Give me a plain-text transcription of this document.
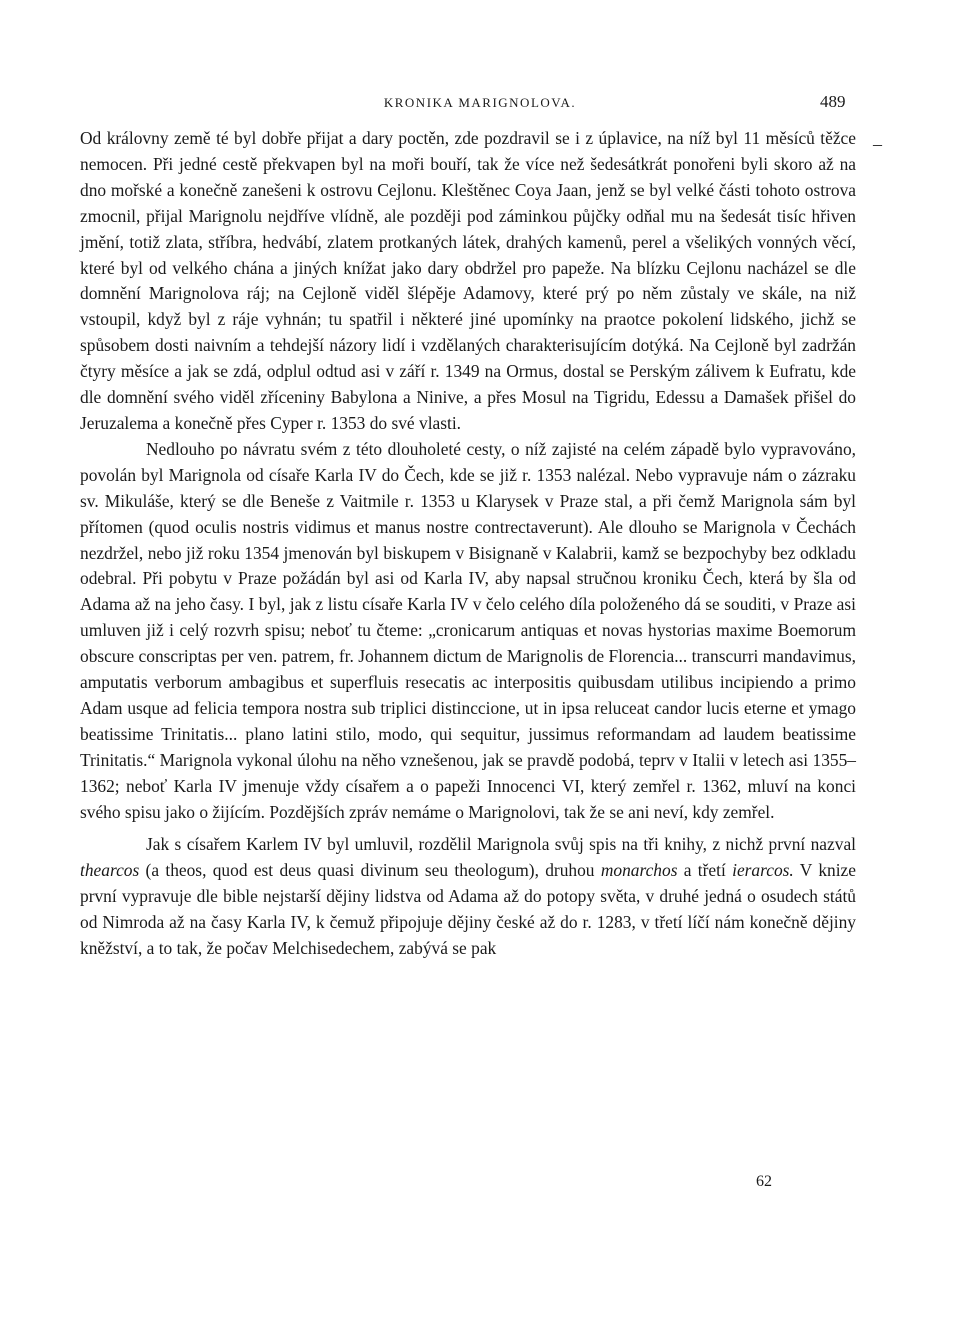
KRONIKA MARIGNOLOVA.	489
–

Od královny země té byl dobře přijat a dary poctěn, zde pozdravil se i z úplavice, na níž byl 11 měsíců těžce nemocen. Při jedné cestě překvapen byl na moři bouří, tak že více než šedesátkrát ponořeni byli skoro až na dno mořské a konečně zanešeni k ostrovu Cejlonu. Kleštěnec Coya Jaan, jenž se byl velké části tohoto ostrova zmocnil, přijal Marignolu nejdříve vlídně, ale později pod záminkou půjčky odňal mu na šedesát tisíc hřiven jmění, totiž zlata, stříbra, hedvábí, zlatem protkaných látek, drahých kamenů, perel a všelikých vonných věcí, které byl od velkého chána a jiných knížat jako dary obdržel pro papeže. Na blízku Cejlonu nacházel se dle domnění Marignolova ráj; na Cejloně viděl šlépěje Adamovy, které prý po něm zůstaly ve skále, na niž vstoupil, když byl z ráje vyhnán; tu spatřil i některé jiné upomínky na praotce pokolení lidského, jichž se spůsobem dosti naivním a tehdejší názory lidí i vzdělaných charakterisujícím dotýká. Na Cejloně byl zadržán čtyry měsíce a jak se zdá, odplul odtud asi v září r. 1349 na Ormus, dostal se Perským zálivem k Eufratu, kde dle domnění svého viděl zříceniny Babylona a Ninive, a přes Mosul na Tigridu, Edessu a Damašek přišel do Jeruzalema a konečně přes Cyper r. 1353 do své vlasti.

Nedlouho po návratu svém z této dlouholeté cesty, o níž zajisté na celém západě bylo vypravováno, povolán byl Marignola od císaře Karla IV do Čech, kde se již r. 1353 nalézal. Nebo vypravuje nám o zázraku sv. Mikuláše, který se dle Beneše z Vaitmile r. 1353 u Klarysek v Praze stal, a při čemž Marignola sám byl přítomen (quod oculis nostris vidimus et manus nostre contrectaverunt). Ale dlouho se Marignola v Čechách nezdržel, nebo již roku 1354 jmenován byl biskupem v Bisignaně v Kalabrii, kamž se bezpochyby bez odkladu odebral. Při pobytu v Praze požádán byl asi od Karla IV, aby napsal stručnou kroniku Čech, která by šla od Adama až na jeho časy. I byl, jak z listu císaře Karla IV v čelo celého díla položeného dá se souditi, v Praze asi umluven již i celý rozvrh spisu; neboť tu čteme: „cronicarum antiquas et novas hystorias maxime Boemorum obscure conscriptas per ven. patrem, fr. Johannem dictum de Marignolis de Florencia... transcurri mandavimus, amputatis verborum ambagibus et superfluis resecatis ac interpositis quibusdam utilibus incipiendo a primo Adam usque ad felicia tempora nostra sub triplici distinccione, ut in ipsa reluceat candor lucis eterne et ymago beatissime Trinitatis... plano latini stilo, modo, qui sequitur, jussimus reformandam ad laudem beatissime Trinitatis.“ Marignola vykonal úlohu na něho vznešenou, jak se pravdě podobá, teprv v Italii v letech asi 1355–1362; neboť Karla IV jmenuje vždy císařem a o papeži Innocenci VI, který zemřel r. 1362, mluví na konci svého spisu jako o žijícím. Pozdějších zpráv nemáme o Marignolovi, tak že se ani neví, kdy zemřel.

Jak s císařem Karlem IV byl umluvil, rozdělil Marignola svůj spis na tři knihy, z nichž první nazval thearcos (a theos, quod est deus quasi divinum seu theologum), druhou monarchos a třetí ierarcos. V knize první vypravuje dle bible nejstarší dějiny lidstva od Adama až do potopy světa, v druhé jedná o osudech států od Nimroda až na časy Karla IV, k čemuž připojuje dějiny české až do r. 1283, v třetí líčí nám konečně dějiny kněžství, a to tak, že počav Melchisedechem, zabývá se pak

62
